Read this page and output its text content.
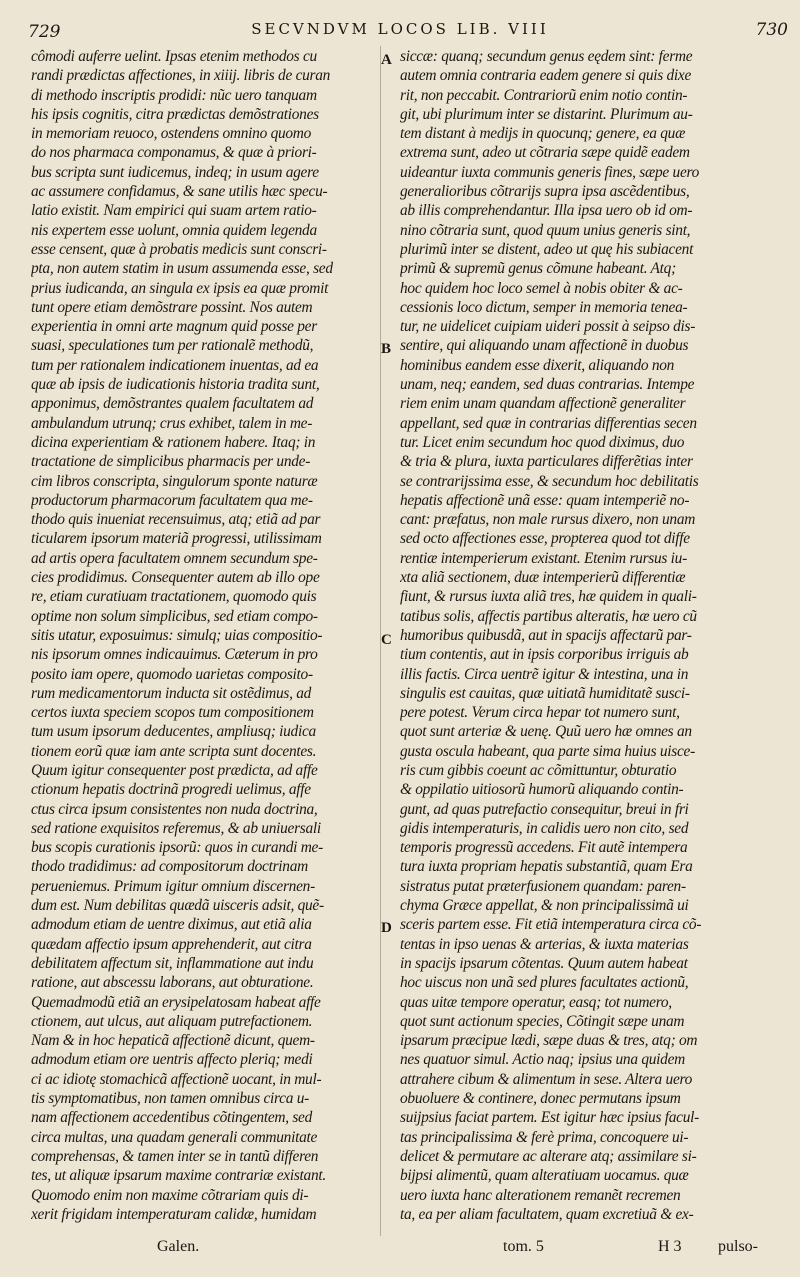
729	SECVNDVM LOCOS LIB. VIII	730
cômodi auferre uelint. Ipsas etenim methodos cu
randi prædictas affectiones, in xiiij. libris de curan
di methodo inscriptis prodidi: nũc uero tanquam
his ipsis cognitis, citra prædictas demõstrationes
in memoriam reuoco, ostendens omnino quomo
do nos pharmaca componamus, & quæ à priori-
bus scripta sunt iudicemus, indeq; in usum agere
ac assumere confidamus, & sane utilis hæc specu-
latio existit. Nam empirici qui suam artem ratio-
nis expertem esse uolunt, omnia quidem legenda
esse censent, quæ à probatis medicis sunt conscri-
pta, non autem statim in usum assumenda esse, sed
prius iudicanda, an singula ex ipsis ea quæ promit
tunt opere etiam demõstrare possint. Nos autem
experientia in omni arte magnum quid posse per
suasi, speculationes tum per rationalẽ methodũ,
tum per rationalem indicationem inuentas, ad ea
quæ ab ipsis de iudicationis historia tradita sunt,
apponimus, demõstrantes qualem facultatem ad
ambulandum utrunq; crus exhibet, talem in me-
dicina experientiam & rationem habere. Itaq; in
tractatione de simplicibus pharmacis per unde-
cim libros conscripta, singulorum sponte naturæ
productorum pharmacorum facultatem qua me-
thodo quis inueniat recensuimus, atq; etiã ad par
ticularem ipsorum materiã progressi, utilissimam
ad artis opera facultatem omnem secundum spe-
cies prodidimus. Consequenter autem ab illo ope
re, etiam curatiuam tractationem, quomodo quis
optime non solum simplicibus, sed etiam compo-
sitis utatur, exposuimus: simulq; uias compositio-
nis ipsorum omnes indicauimus. Cæterum in pro
posito iam opere, quomodo uarietas composito-
rum medicamentorum inducta sit ostẽdimus, ad
certos iuxta speciem scopos tum compositionem
tum usum ipsorum deducentes, ampliusq; iudica
tionem eorũ quæ iam ante scripta sunt docentes.
Quum igitur consequenter post prædicta, ad affe
ctionum hepatis doctrinã progredi uelimus, affe
ctus circa ipsum consistentes non nuda doctrina,
sed ratione exquisitos referemus, & ab uniuersali
bus scopis curationis ipsorũ: quos in curandi me-
thodo tradidimus: ad compositorum doctrinam
perueniemus. Primum igitur omnium discernen-
dum est. Num debilitas quædã uisceris adsit, quẽ-
admodum etiam de uentre diximus, aut etiã alia
quædam affectio ipsum apprehenderit, aut citra
debilitatem affectum sit, inflammatione aut indu
ratione, aut abscessu laborans, aut obturatione.
Quemadmodũ etiã an erysipelatosam habeat affe
ctionem, aut ulcus, aut aliquam putrefactionem.
Nam & in hoc hepaticã affectionẽ dicunt, quem-
admodum etiam ore uentris affecto pleriq; medi
ci ac idiotę stomachicã affectionẽ uocant, in mul-
tis symptomatibus, non tamen omnibus circa u-
nam affectionem accedentibus cõtingentem, sed
circa multas, una quadam generali communitate
comprehensas, & tamen inter se in tantũ differen
tes, ut aliquæ ipsarum maxime contrariæ existant.
Quomodo enim non maxime cõtrariam quis di-
xerit frigidam intemperaturam calidæ, humidam
A
B
C
D
siccæ: quanq; secundum genus eędem sint: ferme
autem omnia contraria eadem genere si quis dixe
rit, non peccabit. Contrariorũ enim notio contin-
git, ubi plurimum inter se distarint. Plurimum au-
tem distant à medijs in quocunq; genere, ea quæ
extrema sunt, adeo ut cõtraria sæpe quidẽ eadem
uideantur iuxta communis generis fines, sæpe uero
generalioribus cõtrarijs supra ipsa ascẽdentibus,
ab illis comprehendantur. Illa ipsa uero ob id om-
nino cõtraria sunt, quod quum unius generis sint,
plurimũ inter se distent, adeo ut quę his subiacent
primũ & supremũ genus cõmune habeant. Atq;
hoc quidem hoc loco semel à nobis obiter & ac-
cessionis loco dictum, semper in memoria tenea-
tur, ne uidelicet cuipiam uideri possit à seipso dis-
sentire, qui aliquando unam affectionẽ in duobus
hominibus eandem esse dixerit, aliquando non
unam, neq; eandem, sed duas contrarias. Intempe
riem enim unam quandam affectionẽ generaliter
appellant, sed quæ in contrarias differentias secen
tur. Licet enim secundum hoc quod diximus, duo
& tria & plura, iuxta particulares differẽtias inter
se contrarijssima esse, & secundum hoc debilitatis
hepatis affectionẽ unã esse: quam intemperiẽ no-
cant: præfatus, non male rursus dixero, non unam
sed octo affectiones esse, propterea quod tot diffe
rentiæ intemperierum existant. Etenim rursus iu-
xta aliã sectionem, duæ intemperierũ differentiæ
fiunt, & rursus iuxta aliã tres, hæ quidem in quali-
tatibus solis, affectis partibus alteratis, hæ uero cũ
humoribus quibusdã, aut in spacijs affectarũ par-
tium contentis, aut in ipsis corporibus irriguis ab
illis factis. Circa uentrẽ igitur & intestina, una in
singulis est cauitas, quæ uitiatã humiditatẽ susci-
pere potest. Verum circa hepar tot numero sunt,
quot sunt arteriæ & uenę. Quũ uero hæ omnes an
gusta oscula habeant, qua parte sima huius uisce-
ris cum gibbis coeunt ac cõmittuntur, obturatio
& oppilatio uitiosorũ humorũ aliquando contin-
gunt, ad quas putrefactio consequitur, breui in fri
gidis intemperaturis, in calidis uero non cito, sed
temporis progressũ accedens. Fit autẽ intempera
tura iuxta propriam hepatis substantiã, quam Era
sistratus putat præterfusionem quandam: paren-
chyma Græce appellat, & non principalissimã ui
sceris partem esse. Fit etiã intemperatura circa cõ-
tentas in ipso uenas & arterias, & iuxta materias
in spacijs ipsarum cõtentas. Quum autem habeat
hoc uiscus non unã sed plures facultates actionũ,
quas uitæ tempore operatur, easq; tot numero,
quot sunt actionum species, Cõtingit sæpe unam
ipsarum præcipue lædi, sæpe duas & tres, atq; om
nes quatuor simul. Actio naq; ipsius una quidem
attrahere cibum & alimentum in sese. Altera uero
obuoluere & continere, donec permutans ipsum
suijpsius faciat partem. Est igitur hæc ipsius facul-
tas principalissima & ferè prima, concoquere ui-
delicet & permutare ac alterare atq; assimilare si-
bijpsi alimentũ, quam alteratiuam uocamus. quæ
uero iuxta hanc alterationem remanẽt recremen
ta, ea per aliam facultatem, quam excretiuã & ex-
Galen.	tom. 5	H 3 pulso-
